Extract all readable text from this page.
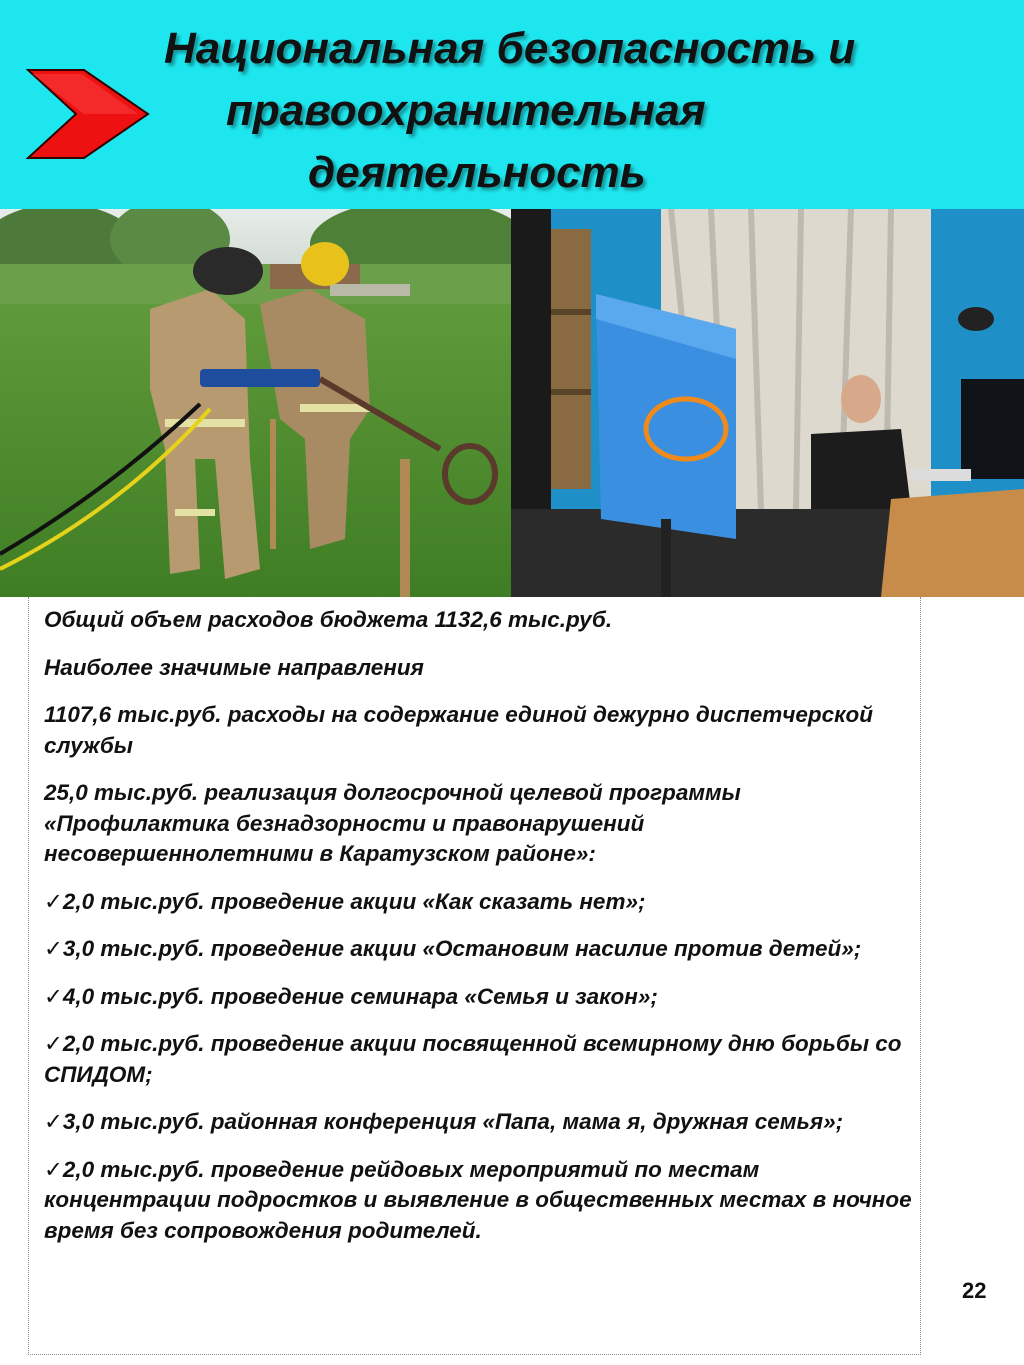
Национальная безопасность и
правоохранительная
деятельность

Общий объем расходов бюджета 1132,6 тыс.руб.

Наиболее значимые направления

1107,6 тыс.руб. расходы на содержание единой дежурно диспетчерской службы

25,0 тыс.руб. реализация долгосрочной целевой программы «Профилактика безнадзорности и правонарушений несовершеннолетними в Каратузском районе»:

✓2,0 тыс.руб. проведение акции «Как сказать нет»;

✓3,0 тыс.руб. проведение акции «Остановим насилие против детей»;

✓4,0 тыс.руб. проведение семинара «Семья и закон»;

✓2,0 тыс.руб. проведение акции посвященной всемирному дню борьбы со СПИДОМ;

✓3,0 тыс.руб. районная конференция «Папа, мама я, дружная семья»;

✓2,0 тыс.руб. проведение рейдовых мероприятий по местам концентрации подростков и выявление в общественных местах в ночное время без сопровождения родителей.

22
